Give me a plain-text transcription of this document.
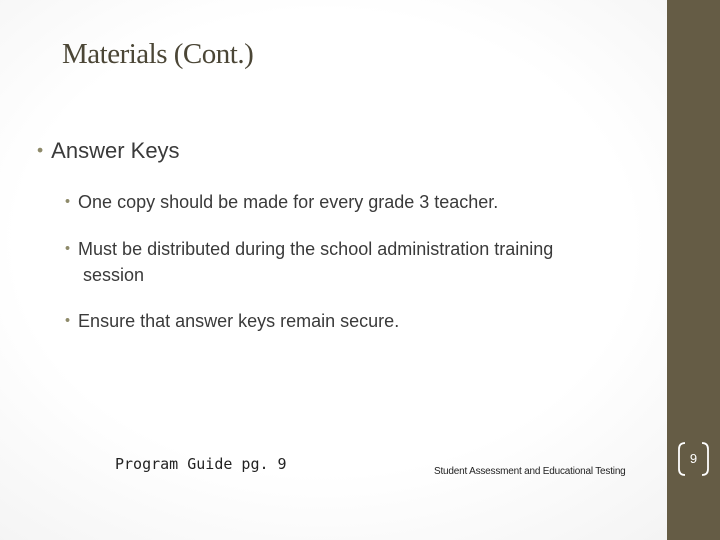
Materials (Cont.)
• Answer Keys
• One copy should be made for every grade 3 teacher.
• Must be distributed during the school administration training
session
• Ensure that answer keys remain secure.
9
Program Guide pg. 9	Student Assessment and Educational Testing
